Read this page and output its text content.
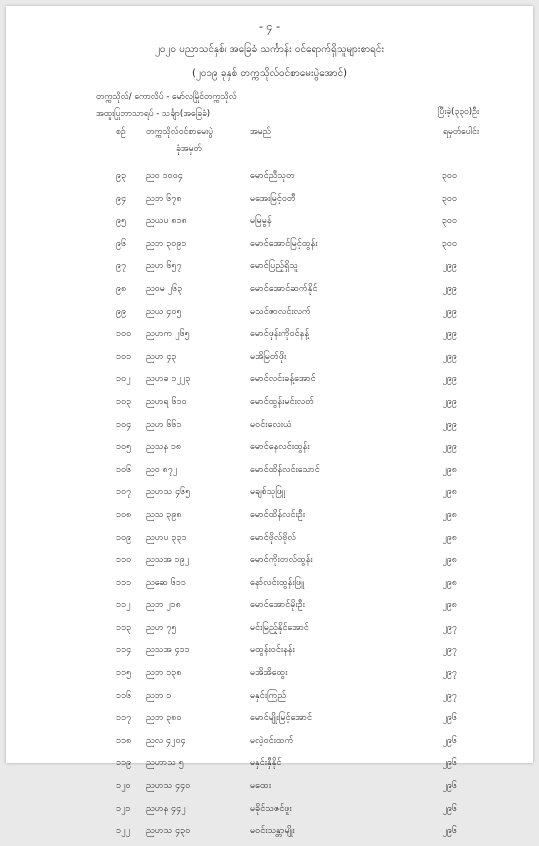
- ၄ -
၂၀၂၀ ပညာသင်နှစ်၊ အခြေခံ သင်္ကာန်း ဝင်ရောက်ရှိသူများစာရင်း
(၂၀၁၉ ခုနှစ် တက္ကသိုလ်ဝင်စာမေးပွဲအောင်)
တက္ကသိုလ်/ ကောလိပ် - မော်လမြိုင်တက္ကသိုလ်
အထူးပြုဘာသာရပ် - သင်္ချာ(အခြေခံ)	ပြီးခဲ့(၃၃၀)ဦး
စဉ် တက္ကသိုလ်ဝင်စာမေးပွဲ	အမည်	ရမှတ်ပေါင်း
ခုံအမှတ်
၉၃ ညဝ ၁၀၀၄	မောင်ညီသုတ	၃၀၀
၉၄ ညဘ ၆၇၈	မအေးမြင့်ဝတီ	၃၀၀
၉၅ ညယပ ၈၁၈	မမြမွန်	၃၀၀
၉၆ ညဘ ၃၀၉၁	မောင်အောင်မြင့်ထွန်း	၃၀၀
၉၇ ညဟ ၆၅၇	မောင်ပြည့်ရှိသူ	၂၉၉
၉၈ ညဝမ ၂၆၃	မောင်အောင်ဆက်နိုင်	၂၉၉
၉၉ ညယ ၄၀၅	မသင်ဇာလင်းလက်	၂၉၉
၁၀၀ ညဟက ၂၆၅	မောင်ဖုန်းကိုဝင်နန့်	၂၉၉
၁၀၁ ညဟ ၄၃	မအိမြတ်ဖိုး	၂၉၉
၁၀၂ ညဟခ ၁၂၂၃	မောင်လင်းခန့်အောင်	၂၉၉
၁၀၃ ညဟရ ၆၁၀	မောင်ထွန်းမင်းလတ်	၂၉၉
၁၀၄ ညဟ ၆၆၁	မဝင်းလေးယံ	၂၉၉
၁၀၅ ညသန ၁၈	မောင်နေလင်းထွန်း	၂၉၉
၁၀၆ ညဝ ၈၇၂	မောင်ထိန်လင်းသောင်	၂၉၈
၁၀၇ ညဟသ ၄၆၅	မချစ်သုဖြူ	၂၉၈
၁၀၈ ညသ ၃၉၈	မောင်ထိန်လင်းဦး	၂၉၈
၁၀၉ ညဟပ ၃၃၁	မောင်ဗိုလ်ဗိုလ်	၂၉၈
၁၁၀ ညသအ ၁၉၂	မောင်ကိုးတလ်ထွန်း	၂၉၈
၁၁၁ ညဆေ ၆၁၁	နော်လင်းထွန်းဖြူ	၂၉၈
၁၁၂ ညဘ ၂၁၈	မောင်အောင်မိုးဦး	၂၉၈
၁၁၃ ညဟ ၇၅	မင်းမြည့်နိုင်အောင်	၂၉၇
၁၁၄ ညသအ ၄၁၁	မထွန်းဝင်းနန်း	၂၉၇
၁၁၅ ညဘ ၁၃၈	မအိအိထွေး	၂၉၇
၁၁၆ ညဘ ၁	မနှင်းကြည်	၂၉၇
၁၁၇ ညဘ ၃၈၀	မောင်မျိုးမြင့်အောင်	၂၉၆
၁၁၈ ညလ ၄၂၀၄	မလဲ့ဝင်းထက်	၂၉၆
၁၁၉ ညဟာသ ၅	မနှင်းနှီနိုင်	၂၉၆
၁၂၀ ညဟသ ၄၄၀	မထေး	၂၉၆
၁၂၁ ညဟန ၄၄၂	မခိုင်သဇင်ဖူး	၂၉၆
၁၂၂ ညဟသ ၄၃၀	မဝင်းသန္တာမျိုး	၂၉၆
